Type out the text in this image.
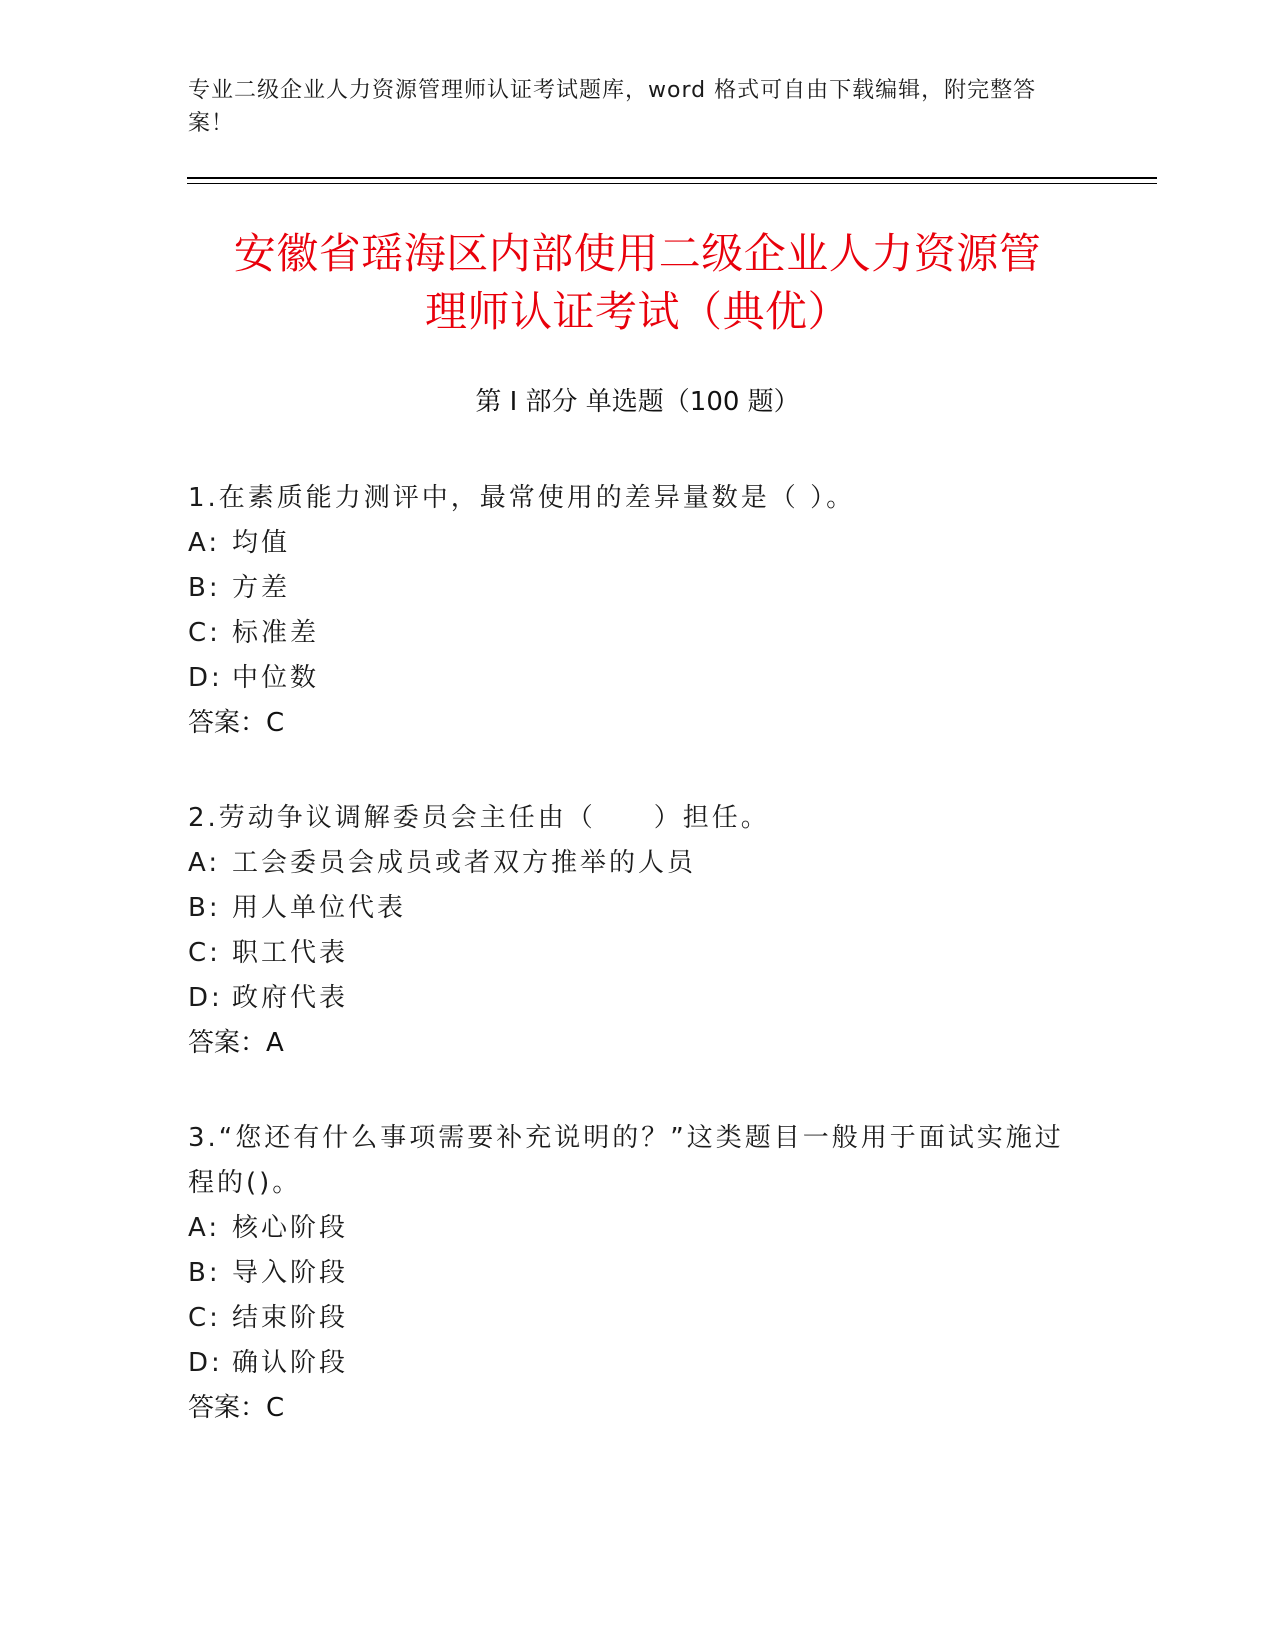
专业二级企业人力资源管理师认证考试题库，word 格式可自由下载编辑，附完整答案！
安徽省瑶海区内部使用二级企业人力资源管
理师认证考试（典优）
第 I 部分 单选题（100 题）
1.在素质能力测评中，最常使用的差异量数是（ ）。
A: 均值
B: 方差
C: 标准差
D: 中位数
答案：C
2.劳动争议调解委员会主任由（　　）担任。
A: 工会委员会成员或者双方推举的人员
B: 用人单位代表
C: 职工代表
D: 政府代表
答案：A
3.“您还有什么事项需要补充说明的？”这类题目一般用于面试实施过程的()。
A: 核心阶段
B: 导入阶段
C: 结束阶段
D: 确认阶段
答案：C
